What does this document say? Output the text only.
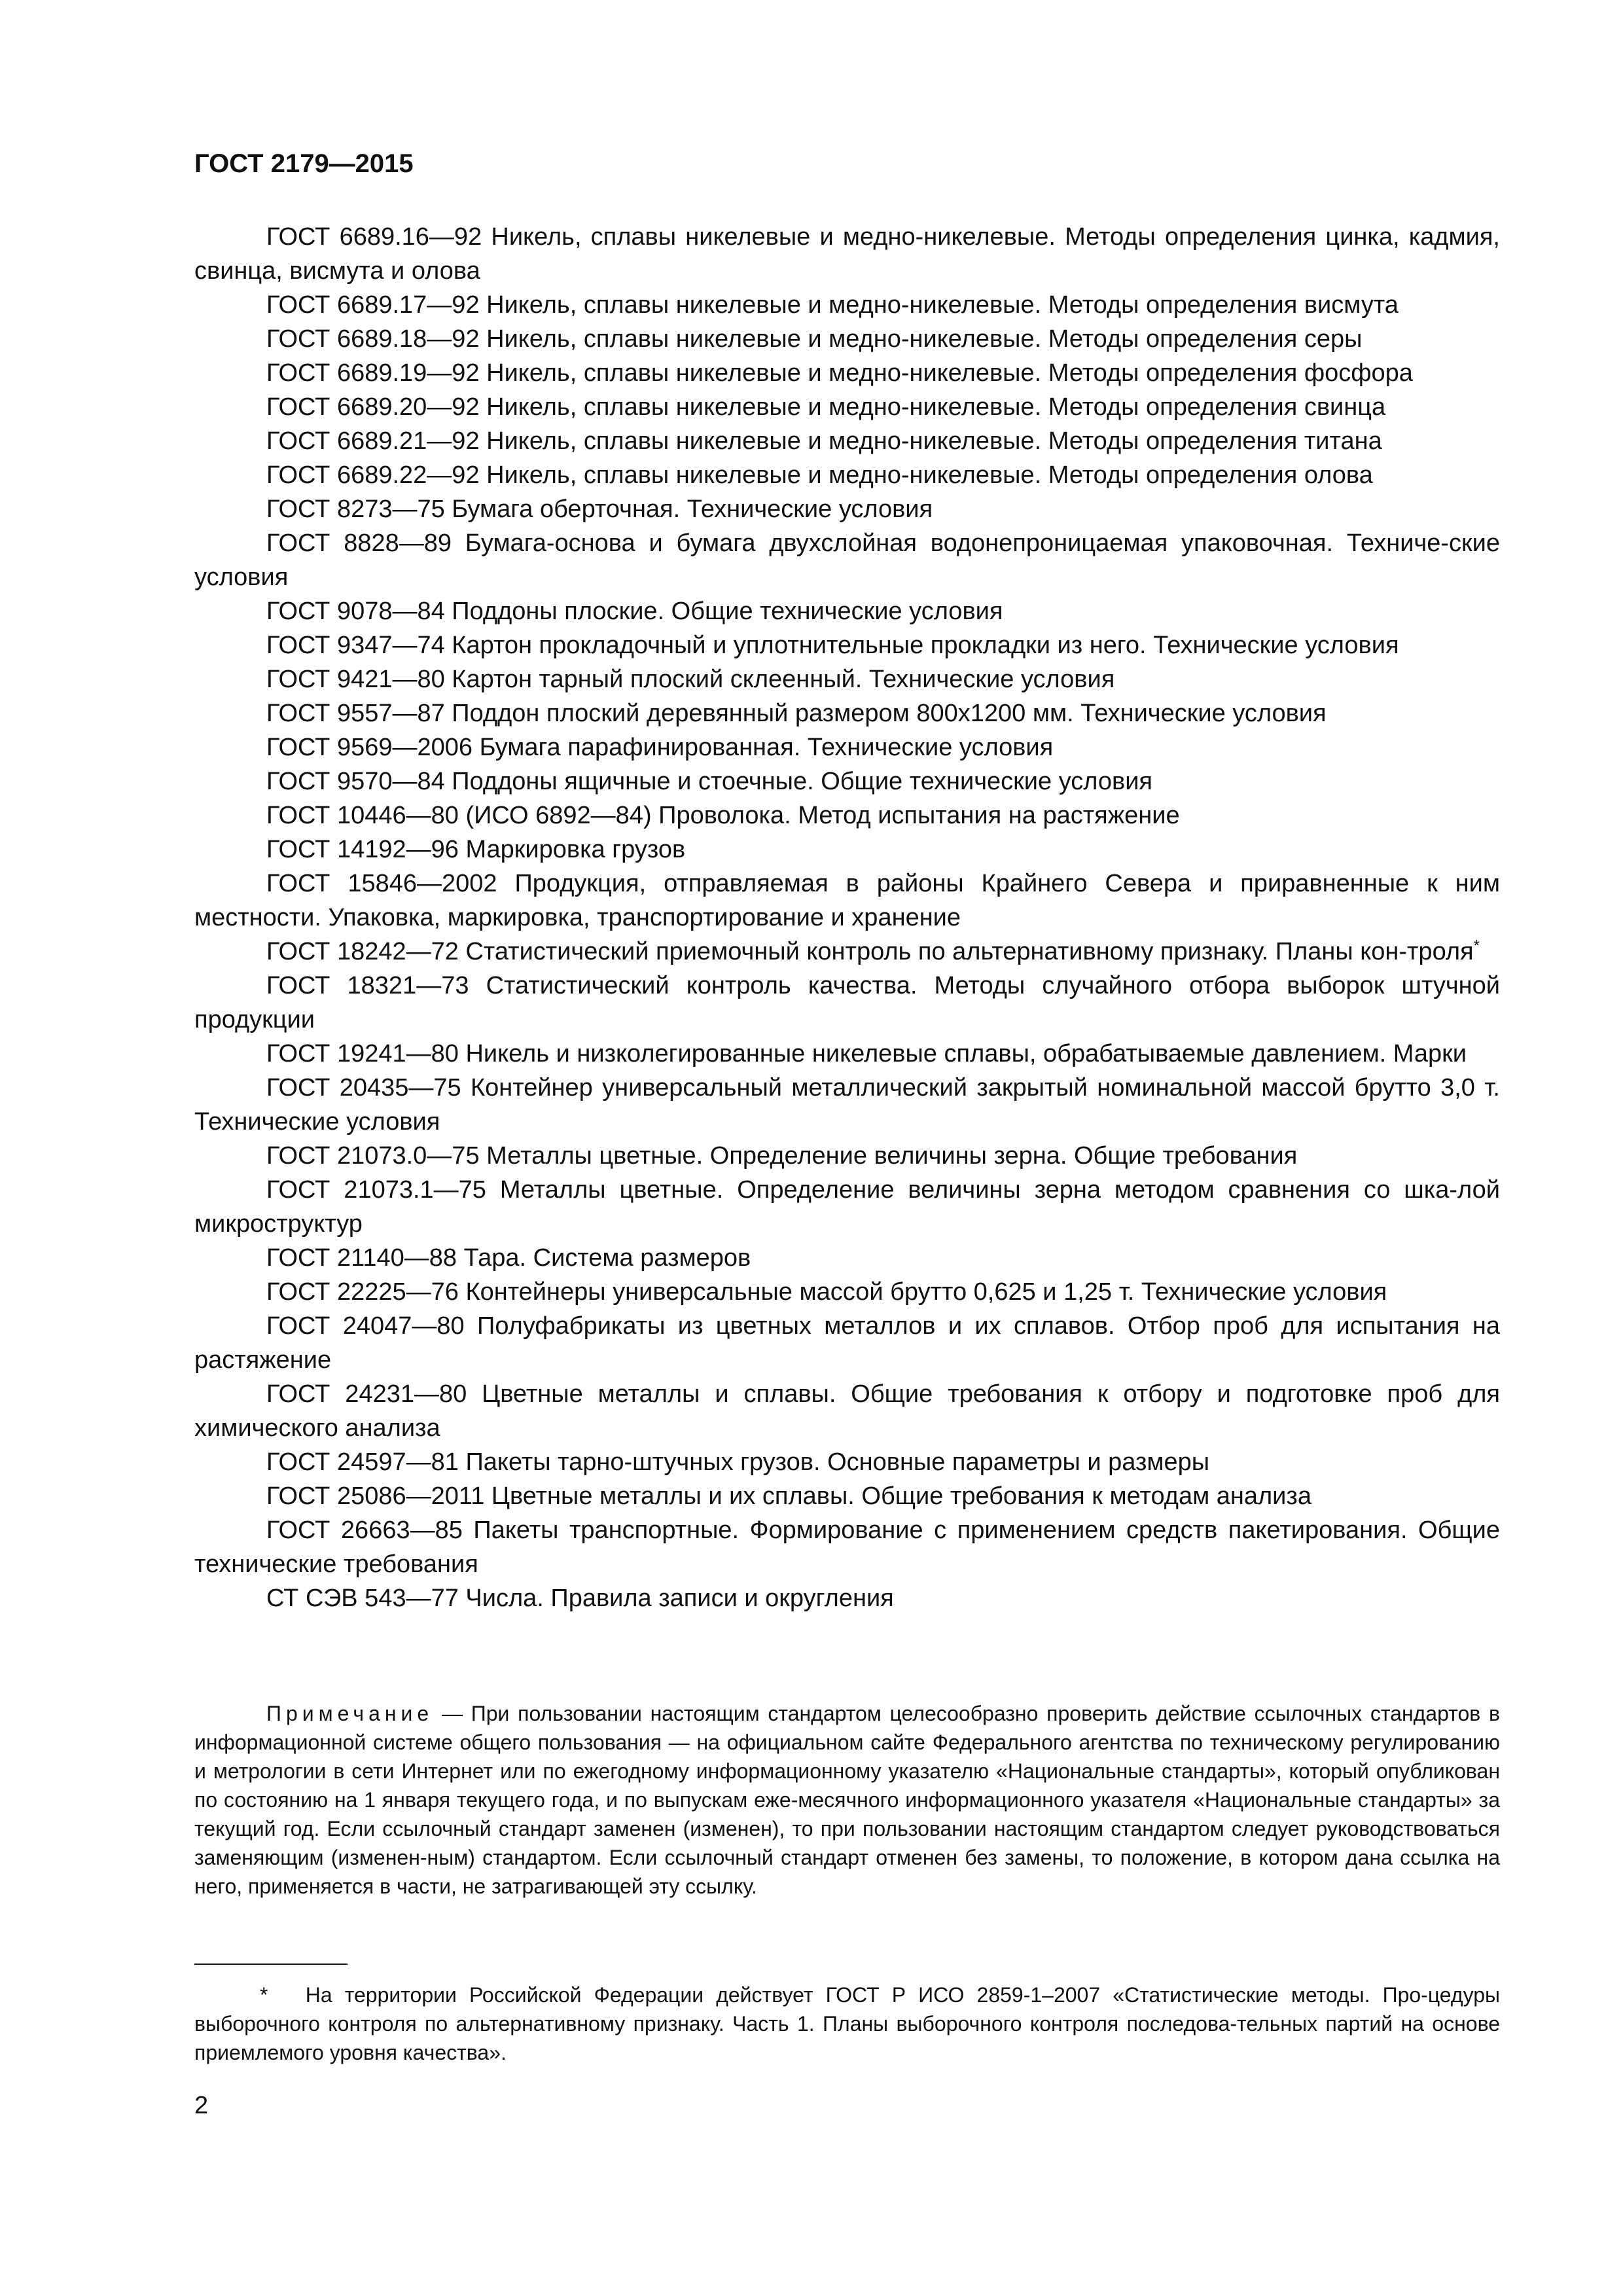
ГОСТ 2179—2015

ГОСТ 6689.16—92 Никель, сплавы никелевые и медно-никелевые. Методы определения цинка, кадмия, свинца, висмута и олова

ГОСТ 6689.17—92 Никель, сплавы никелевые и медно-никелевые. Методы определения висмута

ГОСТ 6689.18—92 Никель, сплавы никелевые и медно-никелевые. Методы определения серы

ГОСТ 6689.19—92 Никель, сплавы никелевые и медно-никелевые. Методы определения фосфора

ГОСТ 6689.20—92 Никель, сплавы никелевые и медно-никелевые. Методы определения свинца

ГОСТ 6689.21—92 Никель, сплавы никелевые и медно-никелевые. Методы определения титана

ГОСТ 6689.22—92 Никель, сплавы никелевые и медно-никелевые. Методы определения олова

ГОСТ 8273—75 Бумага оберточная. Технические условия

ГОСТ 8828—89 Бумага-основа и бумага двухслойная водонепроницаемая упаковочная. Техниче-ские условия

ГОСТ 9078—84 Поддоны плоские. Общие технические условия

ГОСТ 9347—74 Картон прокладочный и уплотнительные прокладки из него. Технические условия

ГОСТ 9421—80 Картон тарный плоский склеенный. Технические условия

ГОСТ 9557—87 Поддон плоский деревянный размером 800х1200 мм. Технические условия

ГОСТ 9569—2006 Бумага парафинированная. Технические условия

ГОСТ 9570—84 Поддоны ящичные и стоечные. Общие технические условия

ГОСТ 10446—80 (ИСО 6892—84) Проволока. Метод испытания на растяжение

ГОСТ 14192—96 Маркировка грузов

ГОСТ 15846—2002 Продукция, отправляемая в районы Крайнего Севера и приравненные к ним местности. Упаковка, маркировка, транспортирование и хранение

ГОСТ 18242—72 Статистический приемочный контроль по альтернативному признаку. Планы кон-троля*

ГОСТ 18321—73 Статистический контроль качества. Методы случайного отбора выборок штучной продукции

ГОСТ 19241—80 Никель и низколегированные никелевые сплавы, обрабатываемые давлением. Марки

ГОСТ 20435—75 Контейнер универсальный металлический закрытый номинальной массой брутто 3,0 т. Технические условия

ГОСТ 21073.0—75 Металлы цветные. Определение величины зерна. Общие требования

ГОСТ 21073.1—75 Металлы цветные. Определение величины зерна методом сравнения со шка-лой микроструктур

ГОСТ 21140—88 Тара. Система размеров

ГОСТ 22225—76 Контейнеры универсальные массой брутто 0,625 и 1,25 т. Технические условия

ГОСТ 24047—80 Полуфабрикаты из цветных металлов и их сплавов. Отбор проб для испытания на растяжение

ГОСТ 24231—80 Цветные металлы и сплавы. Общие требования к отбору и подготовке проб для химического анализа

ГОСТ 24597—81 Пакеты тарно-штучных грузов. Основные параметры и размеры

ГОСТ 25086—2011 Цветные металлы и их сплавы. Общие требования к методам анализа

ГОСТ 26663—85 Пакеты транспортные. Формирование с применением средств пакетирования. Общие технические требования

СТ СЭВ 543—77 Числа. Правила записи и округления

Примечание — При пользовании настоящим стандартом целесообразно проверить действие ссылочных стандартов в информационной системе общего пользования — на официальном сайте Федерального агентства по техническому регулированию и метрологии в сети Интернет или по ежегодному информационному указателю «Национальные стандарты», который опубликован по состоянию на 1 января текущего года, и по выпускам еже-месячного информационного указателя «Национальные стандарты» за текущий год. Если ссылочный стандарт заменен (изменен), то при пользовании настоящим стандартом следует руководствоваться заменяющим (изменен-ным) стандартом. Если ссылочный стандарт отменен без замены, то положение, в котором дана ссылка на него, применяется в части, не затрагивающей эту ссылку.
* На территории Российской Федерации действует ГОСТ Р ИСО 2859-1–2007 «Статистические методы. Про-цедуры выборочного контроля по альтернативному признаку. Часть 1. Планы выборочного контроля последова-тельных партий на основе приемлемого уровня качества».
2
